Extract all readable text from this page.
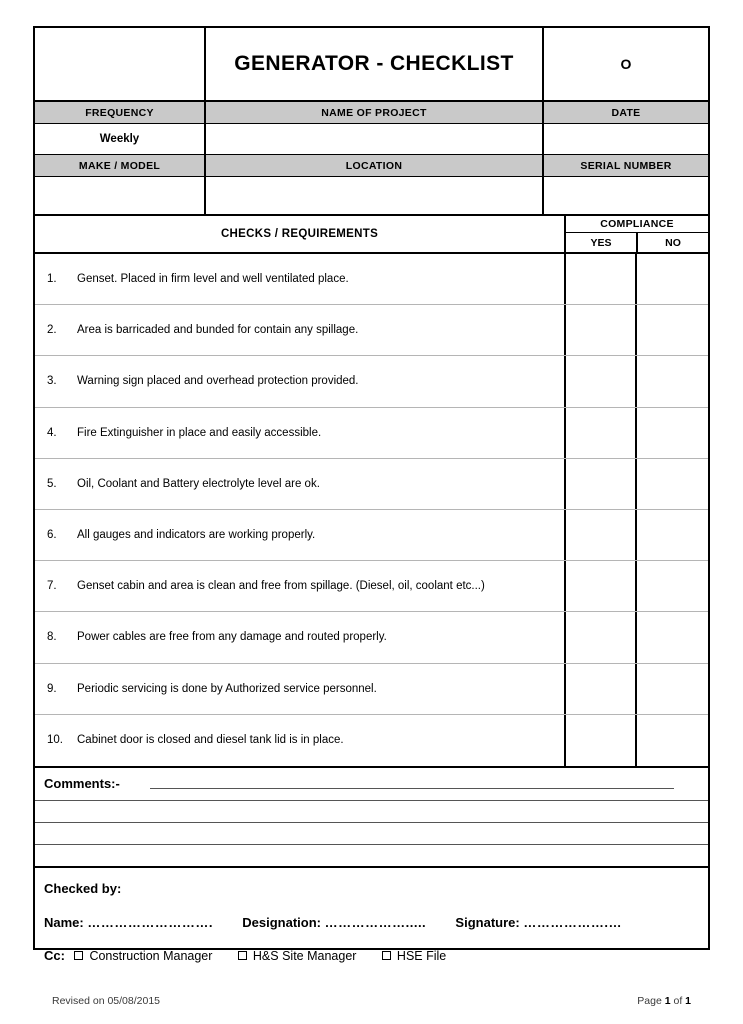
GENERATOR - CHECKLIST	O
FREQUENCY	NAME OF PROJECT	DATE
Weekly
MAKE / MODEL	LOCATION	SERIAL NUMBER
CHECKS / REQUIREMENTS
COMPLIANCE
YES	NO
1.	Genset. Placed in firm level and well ventilated place.
2.	Area is barricaded and bunded for contain any spillage.
3.	Warning sign placed and overhead protection provided.
4.	Fire Extinguisher in place and easily accessible.
5.	Oil, Coolant and Battery electrolyte level are ok.
6.	All gauges and indicators are working properly.
7.	Genset cabin and area is clean and free from spillage. (Diesel, oil, coolant etc...)
8.	Power cables are free from any damage and routed properly.
9.	Periodic servicing is done by Authorized service personnel.
10.	Cabinet door is closed and diesel tank lid is in place.
Comments:-
Checked by:
Name: ………………………. Designation: ………………..... Signature: ……………….…
Cc: Construction Manager	H&S Site Manager	HSE File
Revised on 05/08/2015	Page 1 of 1
